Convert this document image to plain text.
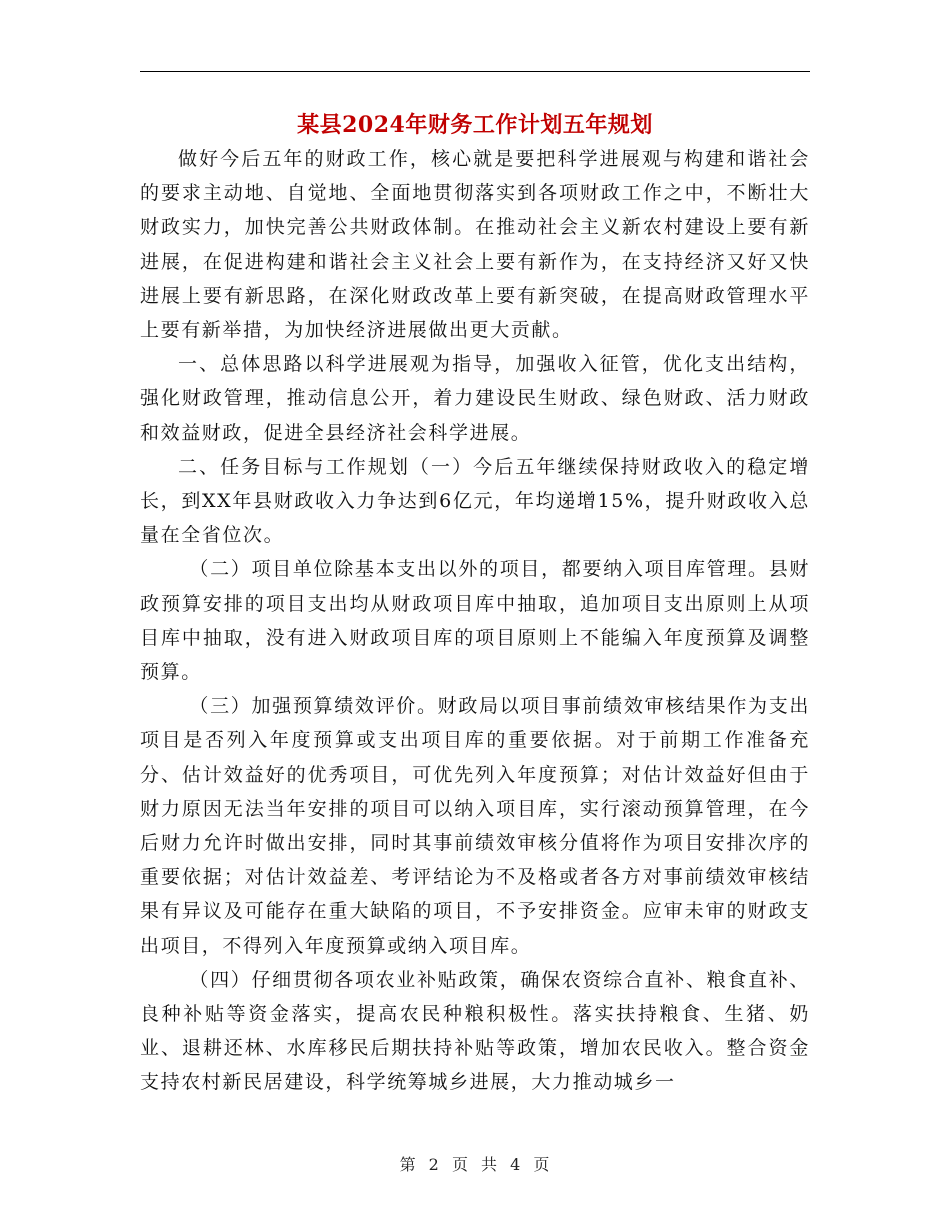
某县2024年财务工作计划五年规划

做好今后五年的财政工作，核心就是要把科学进展观与构建和谐社会的要求主动地、自觉地、全面地贯彻落实到各项财政工作之中，不断壮大财政实力，加快完善公共财政体制。在推动社会主义新农村建设上要有新进展，在促进构建和谐社会主义社会上要有新作为，在支持经济又好又快进展上要有新思路，在深化财政改革上要有新突破，在提高财政管理水平上要有新举措，为加快经济进展做出更大贡献。

一、总体思路以科学进展观为指导，加强收入征管，优化支出结构，强化财政管理，推动信息公开，着力建设民生财政、绿色财政、活力财政和效益财政，促进全县经济社会科学进展。

二、任务目标与工作规划（一）今后五年继续保持财政收入的稳定增长，到XX年县财政收入力争达到6亿元，年均递增15%，提升财政收入总量在全省位次。

（二）项目单位除基本支出以外的项目，都要纳入项目库管理。县财政预算安排的项目支出均从财政项目库中抽取，追加项目支出原则上从项目库中抽取，没有进入财政项目库的项目原则上不能编入年度预算及调整预算。

（三）加强预算绩效评价。财政局以项目事前绩效审核结果作为支出项目是否列入年度预算或支出项目库的重要依据。对于前期工作准备充分、估计效益好的优秀项目，可优先列入年度预算；对估计效益好但由于财力原因无法当年安排的项目可以纳入项目库，实行滚动预算管理，在今后财力允许时做出安排，同时其事前绩效审核分值将作为项目安排次序的重要依据；对估计效益差、考评结论为不及格或者各方对事前绩效审核结果有异议及可能存在重大缺陷的项目，不予安排资金。应审未审的财政支出项目，不得列入年度预算或纳入项目库。

（四）仔细贯彻各项农业补贴政策，确保农资综合直补、粮食直补、良种补贴等资金落实，提高农民种粮积极性。落实扶持粮食、生猪、奶业、退耕还林、水库移民后期扶持补贴等政策，增加农民收入。整合资金支持农村新民居建设，科学统筹城乡进展，大力推动城乡一

第 2 页 共 4 页
